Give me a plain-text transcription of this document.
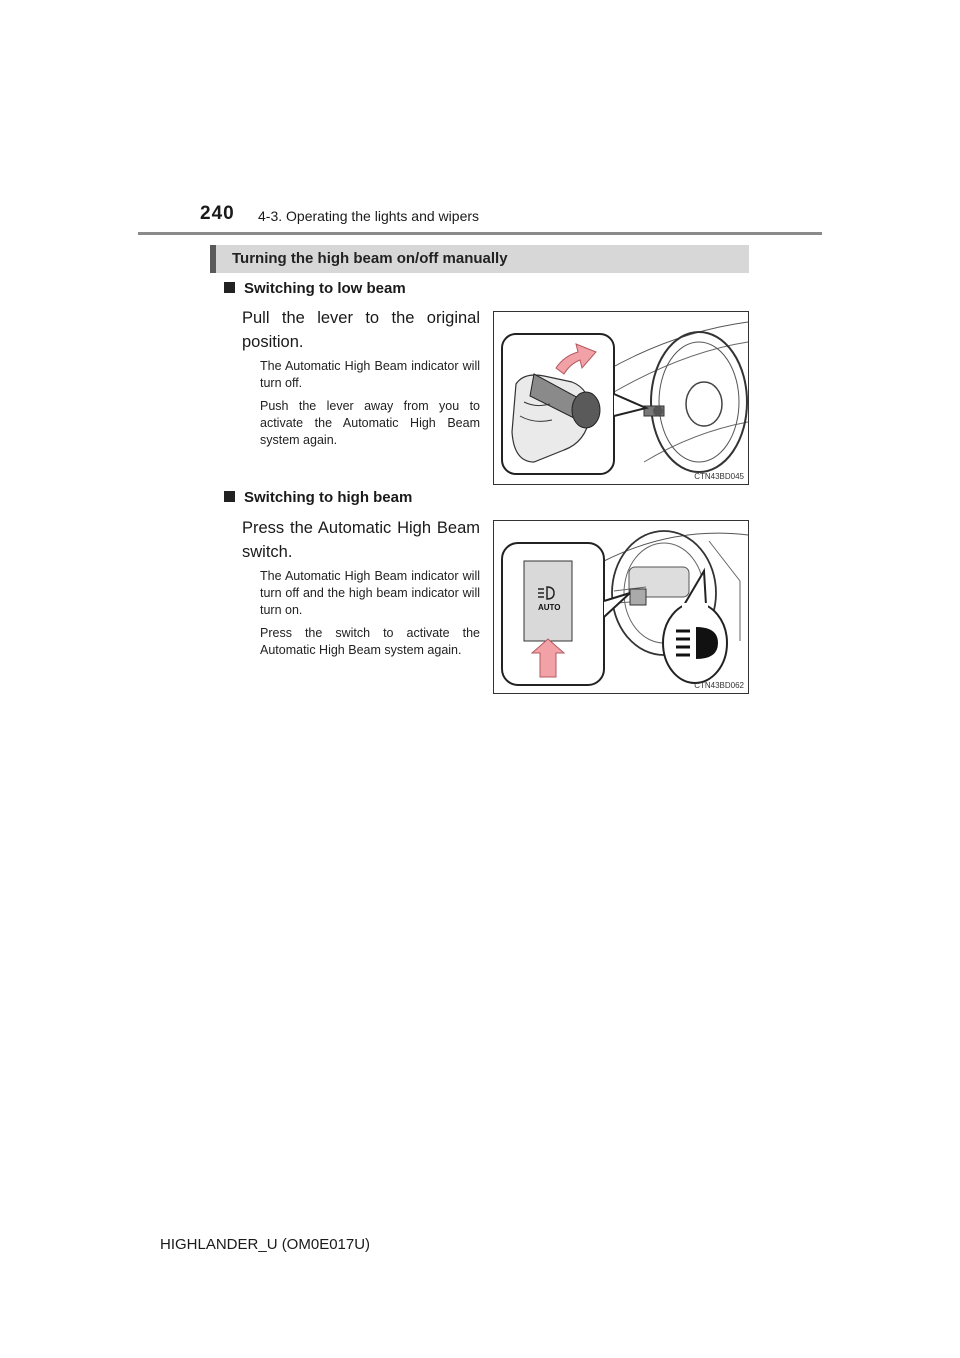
240 4-3. Operating the lights and wipers
Turning the high beam on/off manually
Switching to low beam
Pull the lever to the original position.
The Automatic High Beam indicator will turn off.
Push the lever away from you to activate the Automatic High Beam system again.
CTN43BD045
Switching to high beam
Press the Automatic High Beam switch.
The Automatic High Beam indicator will turn off and the high beam indicator will turn on.
Press the switch to activate the Automatic High Beam system again.
AUTO
CTN43BD062
HIGHLANDER_U (OM0E017U)
